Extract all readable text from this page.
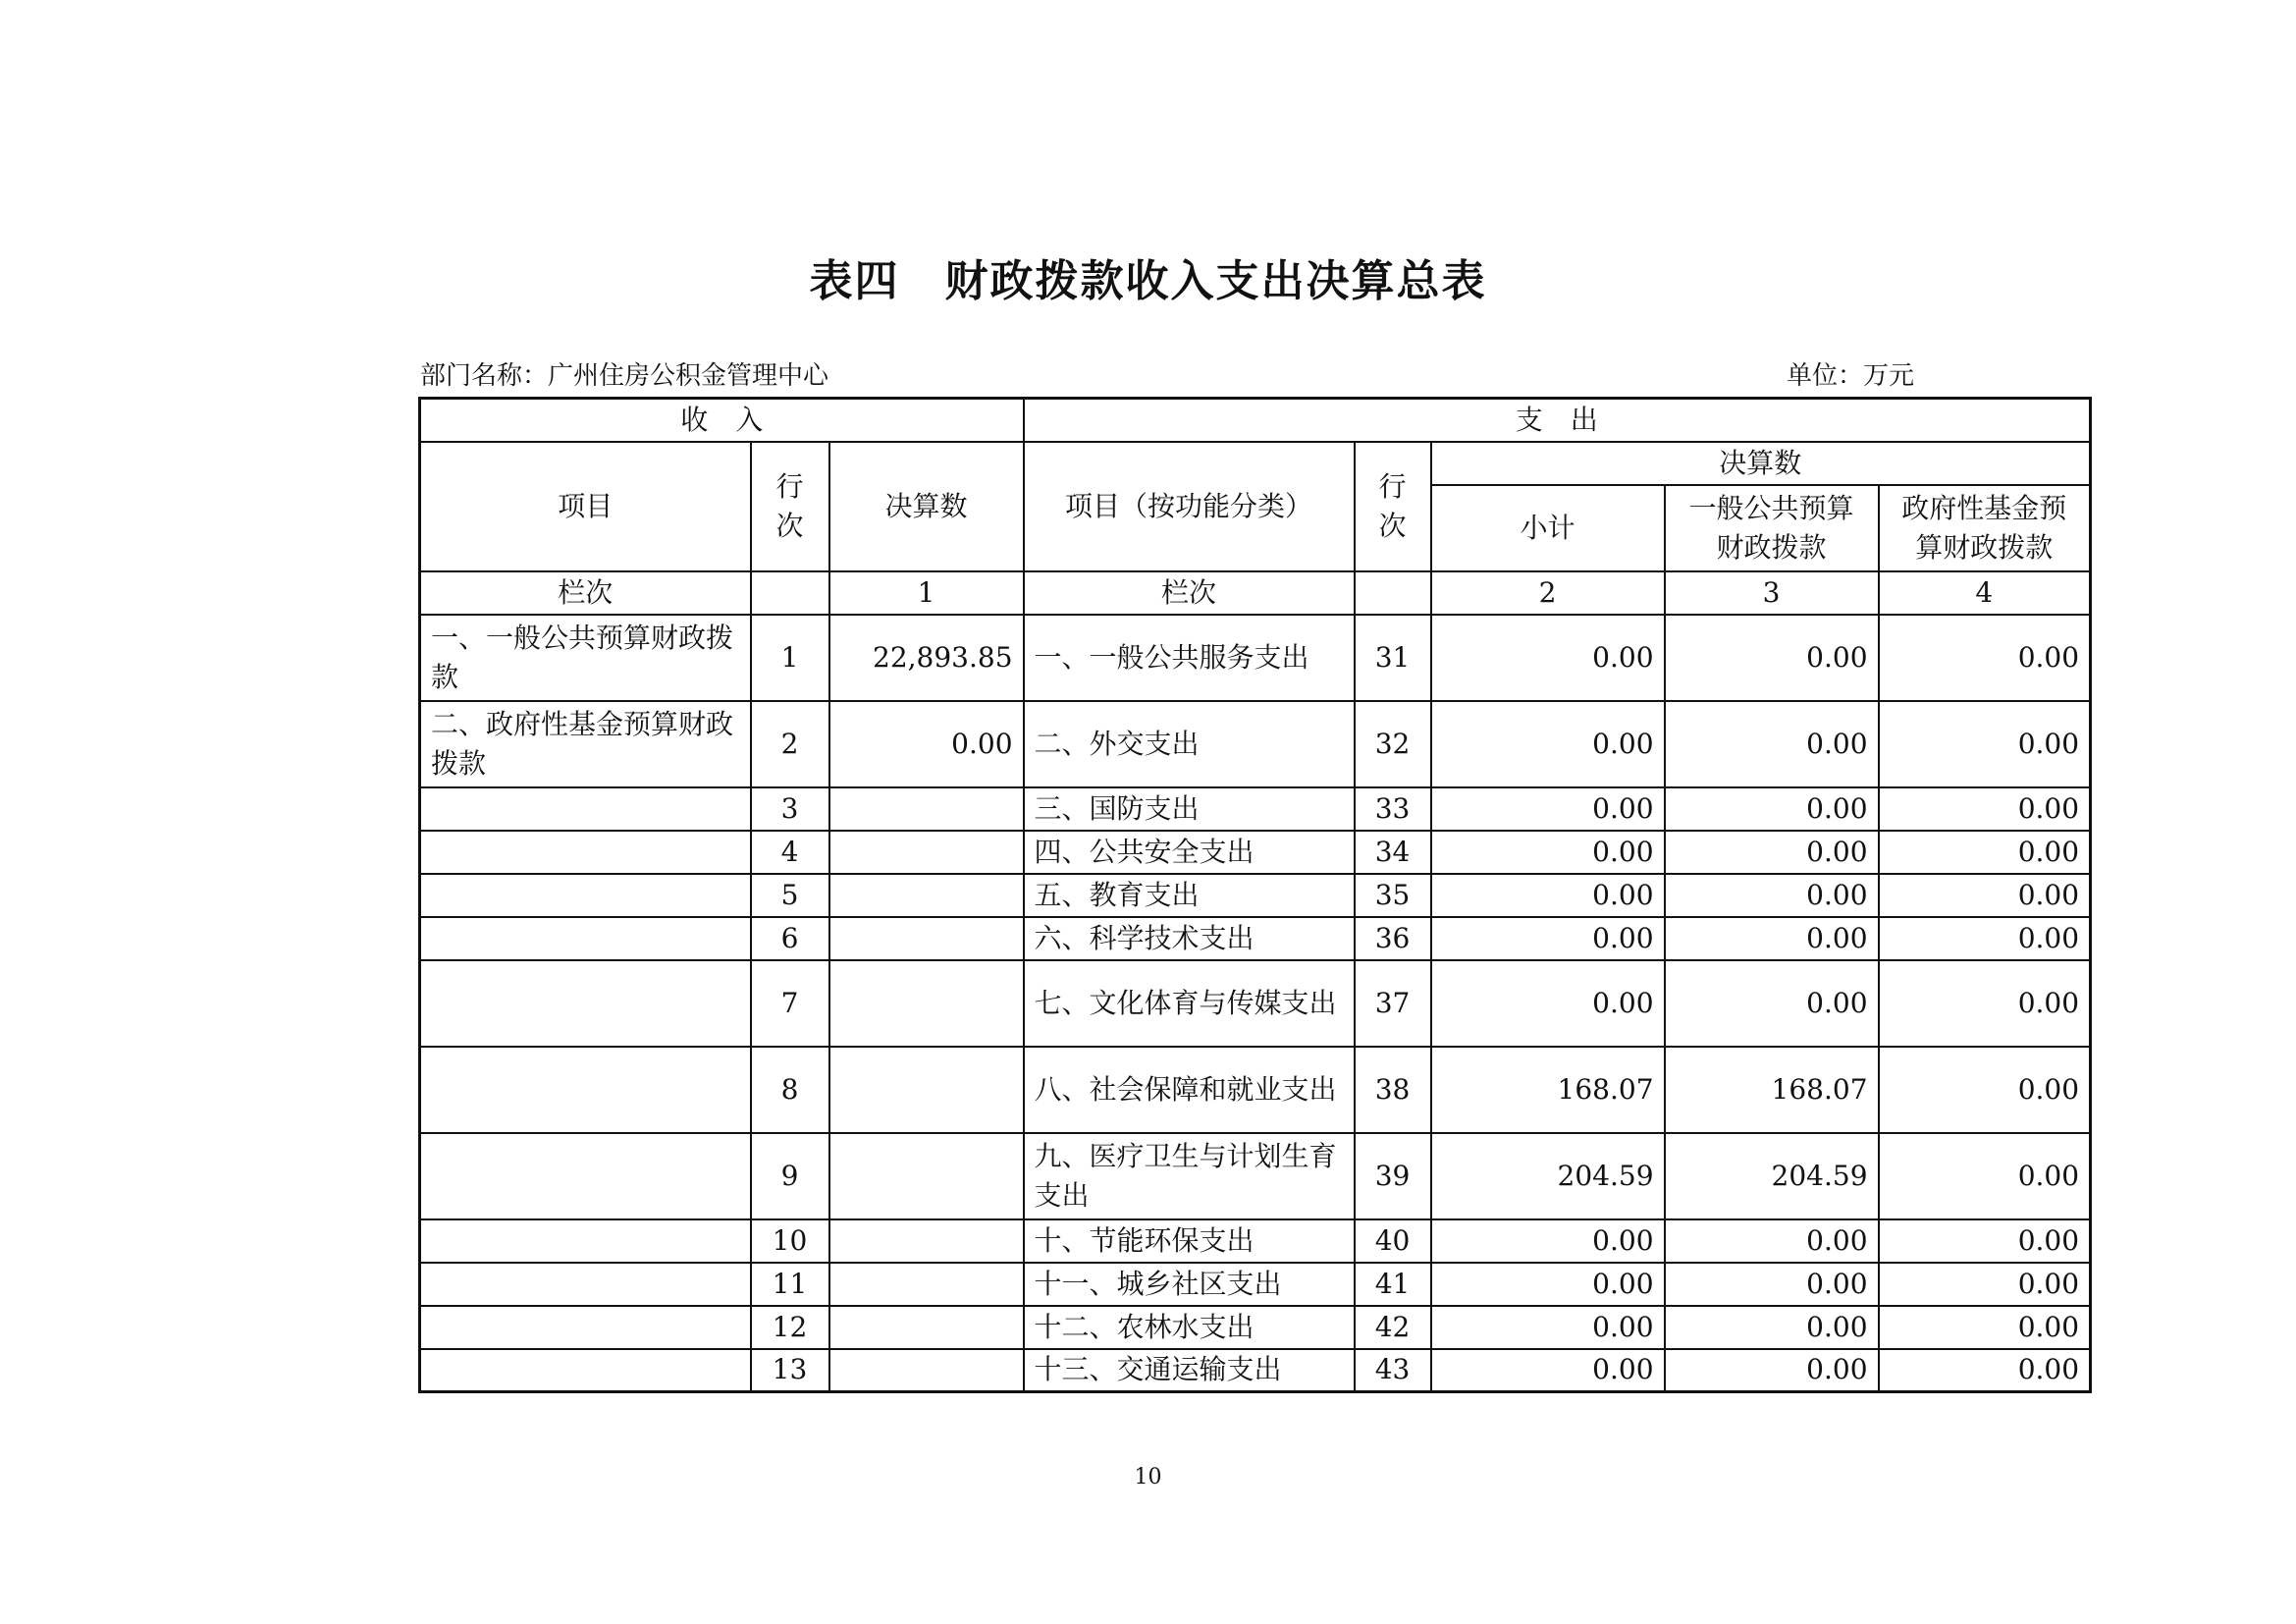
表四　财政拨款收入支出决算总表
部门名称：广州住房公积金管理中心	单位：万元
收　入			支　出				
项目	行次	决算数	项目（按功能分类）	行次	决算数		
					小计	一般公共预算财政拨款	政府性基金预算财政拨款
栏次		1	栏次		2	3	4
一、一般公共预算财政拨款	1	22,893.85	一、一般公共服务支出	31	0.00	0.00	0.00
二、政府性基金预算财政拨款	2	0.00	二、外交支出	32	0.00	0.00	0.00
	3		三、国防支出	33	0.00	0.00	0.00
	4		四、公共安全支出	34	0.00	0.00	0.00
	5		五、教育支出	35	0.00	0.00	0.00
	6		六、科学技术支出	36	0.00	0.00	0.00
	7		七、文化体育与传媒支出	37	0.00	0.00	0.00
	8		八、社会保障和就业支出	38	168.07	168.07	0.00
	9		九、医疗卫生与计划生育支出	39	204.59	204.59	0.00
	10		十、节能环保支出	40	0.00	0.00	0.00
	11		十一、城乡社区支出	41	0.00	0.00	0.00
	12		十二、农林水支出	42	0.00	0.00	0.00
	13		十三、交通运输支出	43	0.00	0.00	0.00
10
